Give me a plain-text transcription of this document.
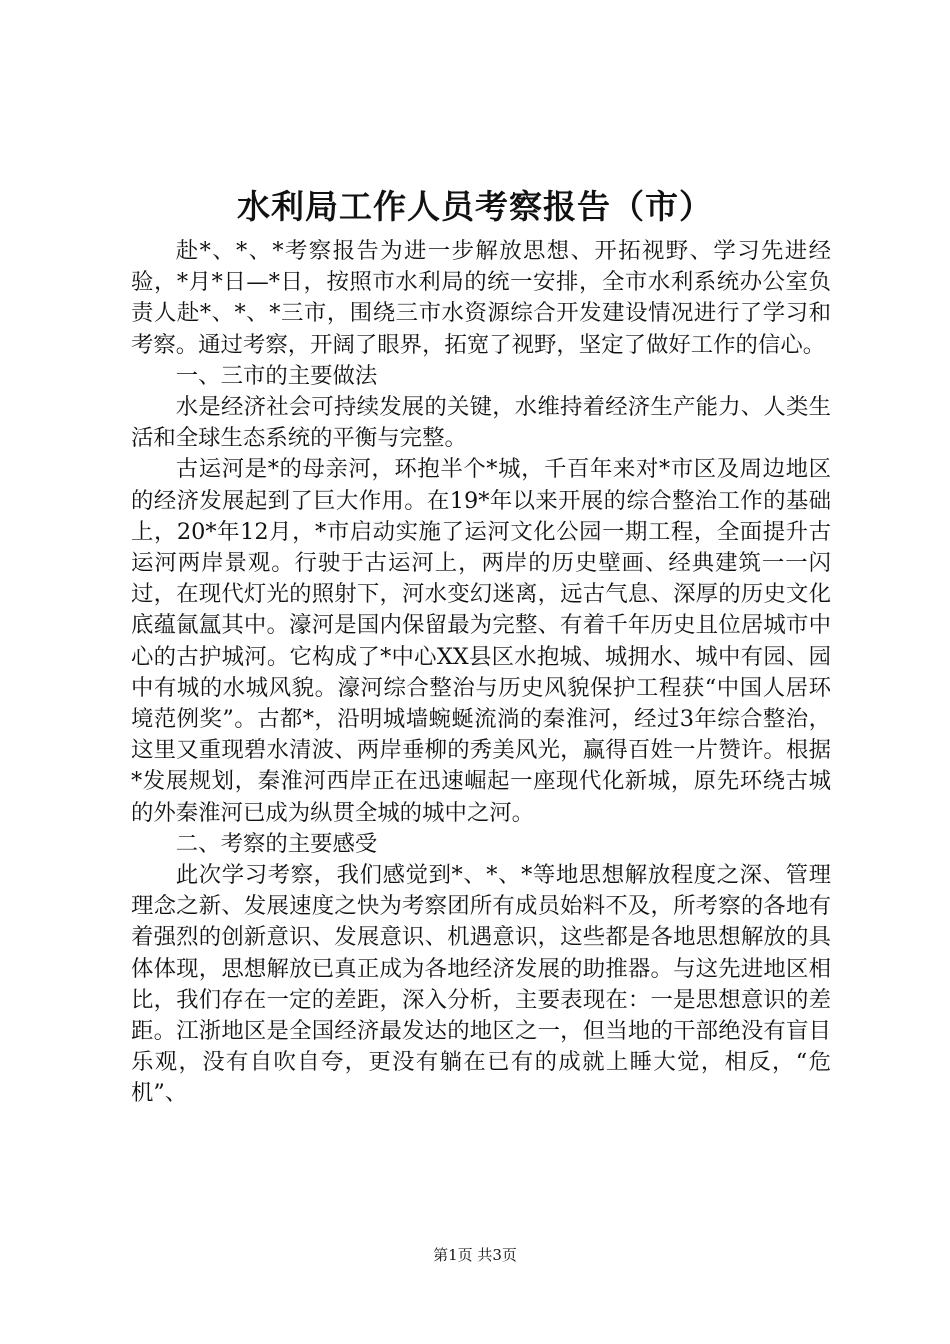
水利局工作人员考察报告（市）

赴*、*、*考察报告为进一步解放思想、开拓视野、学习先进经验，*月*日—*日，按照市水利局的统一安排，全市水利系统办公室负责人赴*、*、*三市，围绕三市水资源综合开发建设情况进行了学习和考察。通过考察，开阔了眼界，拓宽了视野，坚定了做好工作的信心。

一、三市的主要做法

水是经济社会可持续发展的关键，水维持着经济生产能力、人类生活和全球生态系统的平衡与完整。

古运河是*的母亲河，环抱半个*城，千百年来对*市区及周边地区的经济发展起到了巨大作用。在19*年以来开展的综合整治工作的基础上，20*年12月，*市启动实施了运河文化公园一期工程，全面提升古运河两岸景观。行驶于古运河上，两岸的历史壁画、经典建筑一一闪过，在现代灯光的照射下，河水变幻迷离，远古气息、深厚的历史文化底蕴氤氲其中。濠河是国内保留最为完整、有着千年历史且位居城市中心的古护城河。它构成了*中心XX县区水抱城、城拥水、城中有园、园中有城的水城风貌。濠河综合整治与历史风貌保护工程获“中国人居环境范例奖”。古都*，沿明城墙蜿蜒流淌的秦淮河，经过3年综合整治，这里又重现碧水清波、两岸垂柳的秀美风光，赢得百姓一片赞许。根据*发展规划，秦淮河西岸正在迅速崛起一座现代化新城，原先环绕古城的外秦淮河已成为纵贯全城的城中之河。

二、考察的主要感受

此次学习考察，我们感觉到*、*、*等地思想解放程度之深、管理理念之新、发展速度之快为考察团所有成员始料不及，所考察的各地有着强烈的创新意识、发展意识、机遇意识，这些都是各地思想解放的具体体现，思想解放已真正成为各地经济发展的助推器。与这先进地区相比，我们存在一定的差距，深入分析，主要表现在：一是思想意识的差距。江浙地区是全国经济最发达的地区之一，但当地的干部绝没有盲目乐观，没有自吹自夸，更没有躺在已有的成就上睡大觉，相反，“危机”、

第1页 共3页
